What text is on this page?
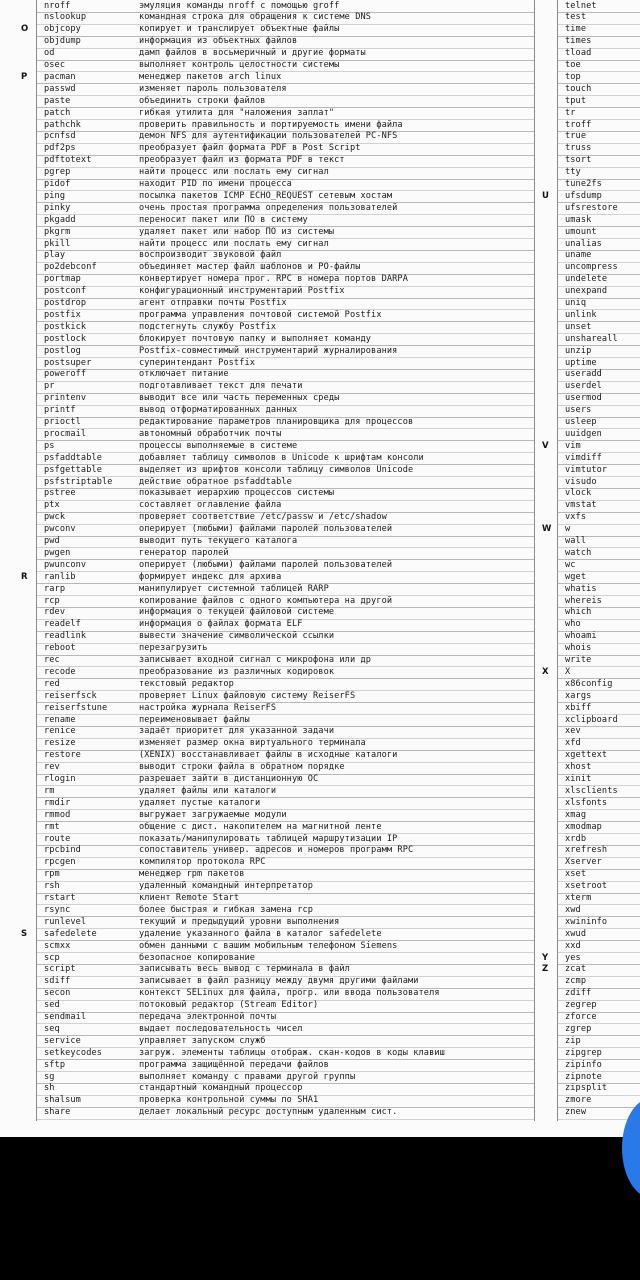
nroff	эмуляция команды nroff с помощью groff
nslookup	командная строка для обращения к системе DNS
O objcopy	копирует и транслирует объектные файлы
objdump	информация из объектных файлов
od	дамп файлов в восьмеричный и другие форматы
osec	выполняет контроль целостности системы
P pacman	менеджер пакетов arch linux
passwd	изменяет пароль пользователя
paste	объединить строки файлов
patch	гибкая утилита для "наложения заплат"
pathchk	проверить правильность и портируемость имени файла
pcnfsd	демон NFS для аутентификации пользователей PC-NFS
pdf2ps	преобразует файл формата PDF в Post Script
pdftotext	преобразует файл из формата PDF в текст
pgrep	найти процесс или послать ему сигнал
pidof	находит PID по имени процесса
ping	посылка пакетов ICMP ECHO_REQUEST сетевым хостам
pinky	очень простая программа определения пользователей
pkgadd	переносит пакет или ПО в систему
pkgrm	удаляет пакет или набор ПО из системы
pkill	найти процесс или послать ему сигнал
play	воспроизводит звуковой файл
po2debconf	объединяет мастер файл шаблонов и PO-файлы
portmap	конвертирует номера прог. RPC в номера портов DARPA
postconf	конфигурационный инструментарий Postfix
postdrop	агент отправки почты Postfix
postfix	программа управления почтовой системой Postfix
postkick	подстегнуть службу Postfix
postlock	блокирует почтовую папку и выполняет команду
postlog	Postfix-совместимый инструментарий журналирования
postsuper	суперинтендант Postfix
poweroff	отключает питание
pr	подготавливает текст для печати
printenv	выводит все или часть переменных среды
printf	вывод отформатированных данных
prioctl	редактирование параметров планировщика для процессов
procmail	автономный обработчик почты
ps	процессы выполняемые в системе
psfaddtable	добавляет таблицу символов в Unicode к шрифтам консоли
psfgettable	выделяет из шрифтов консоли таблицу символов Unicode
psfstriptable	действие обратное psfaddtable
pstree	показывает иерархию процессов системы
ptx	составляет оглавление файла
pwck	проверяет соответствие /etc/passw и /etc/shadow
pwconv	оперирует (любыми) файлами паролей пользователей
pwd	выводит путь текущего каталога
pwgen	генератор паролей
pwunconv	оперирует (любыми) файлами паролей пользователей
R ranlib	формирует индекс для архива
rarp	манипулирует системной таблицей RARP
rcp	копирование файлов с одного компьютера на другой
rdev	информация о текущей файловой системе
readelf	информация о файлах формата ELF
readlink	вывести значение символической ссылки
reboot	перезагрузить
rec	записывает входной сигнал с микрофона или др
recode	преобразование из различных кодировок
red	текстовый редактор
reiserfsck	проверяет Linux файловую систему ReiserFS
reiserfstune	настройка журнала ReiserFS
rename	переименовывает файлы
renice	задаёт приоритет для указанной задачи
resize	изменяет размер окна виртуального терминала
restore	(XENIX) восстанавливает файлы в исходные каталоги
rev	выводит строки файла в обратном порядке
rlogin	разрешает зайти в дистанционную ОС
rm	удаляет файлы или каталоги
rmdir	удаляет пустые каталоги
rmmod	выгружает загружаемые модули
rmt	общение с дист. накопителем на магнитной ленте
route	показать/манипулировать таблицей маршрутизации IP
rpcbind	сопоставитель универ. адресов и номеров программ RPC
rpcgen	компилятор протокола RPC
rpm	менеджер rpm пакетов
rsh	удаленный командный интерпретатор
rstart	клиент Remote Start
rsync	более быстрая и гибкая замена rcp
runlevel	текущий и предыдущий уровни выполнения
S safedelete	удаление указанного файла в каталог safedelete
scmxx	обмен данными с вашим мобильным телефоном Siemens
scp	безопасное копирование
script	записывать весь вывод с терминала в файл
sdiff	записывает в файл разницу между двумя другими файлами
secon	контекст SELinux для файла, прогр. или ввода пользователя
sed	потоковый редактор (Stream Editor)
sendmail	передача электронной почты
seq	выдает последовательность чисел
service	управляет запуском служб
setkeycodes	загруж. элементы таблицы отображ. скан-кодов в коды клавиш
sftp	программа защищённой передачи файлов
sg	выполняет команду с правами другой группы
sh	стандартный командный процессор
shalsum	проверка контрольной суммы по SHA1
share	делает локальный ресурс доступным удаленным сист.
telnet
test
time
times
tload
toe
top
touch
tput
tr
troff
true
truss
tsort
tty
tune2fs
U ufsdump
ufsrestore
umask
umount
unalias
uname
uncompress
undelete
unexpand
uniq
unlink
unset
unshareall
unzip
uptime
useradd
userdel
usermod
users
usleep
uuidgen
V vim
vimdiff
vimtutor
visudo
vlock
vmstat
vxfs
W w
wall
watch
wc
wget
whatis
whereis
which
who
whoami
whois
write
X X
x86config
xargs
xbiff
xclipboard
xev
xfd
xgettext
xhost
xinit
xlsclients
xlsfonts
xmag
xmodmap
xrdb
xrefresh
Xserver
xset
xsetroot
xterm
xwd
xwininfo
xwud
xxd
Y yes
Z zcat
zcmp
zdiff
zegrep
zforce
zgrep
zip
zipgrep
zipinfo
zipnote
zipsplit
zmore
znew
